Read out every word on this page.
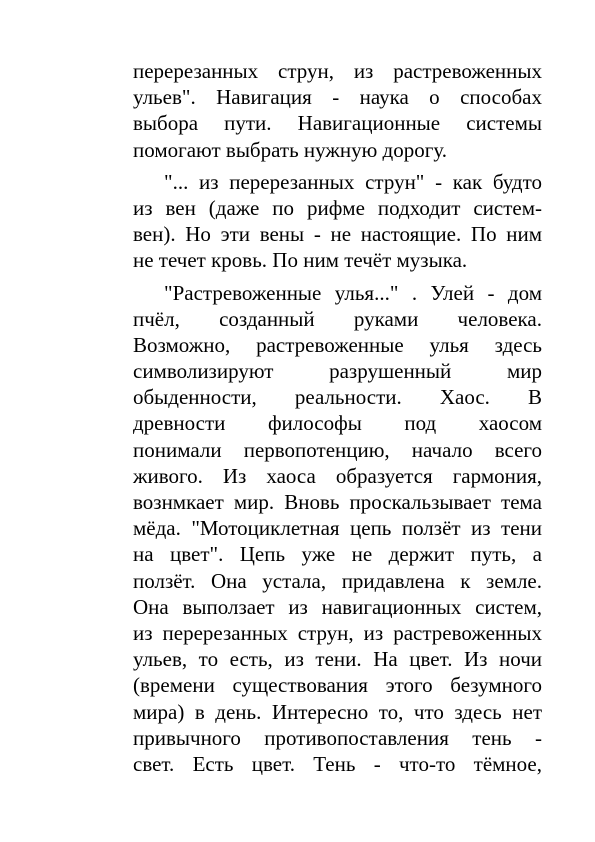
перерезанных струн, из растревоженных
ульев". Навигация - наука о способах
выбора пути. Навигационные системы
помогают выбрать нужную дорогу.
"... из перерезанных струн" - как будто
из вен (даже по рифме подходит систем-
вен). Но эти вены - не настоящие. По ним
не течет кровь. По ним течёт музыка.
"Растревоженные улья..." . Улей - дом
пчёл, созданный руками человека.
Возможно, растревоженные улья здесь
символизируют разрушенный мир
обыденности, реальности. Хаос. В
древности философы под хаосом
понимали первопотенцию, начало всего
живого. Из хаоса образуется гармония,
вознмкает мир. Вновь проскальзывает тема
мёда. "Мотоциклетная цепь ползёт из тени
на цвет". Цепь уже не держит путь, а
ползёт. Она устала, придавлена к земле.
Она выползает из навигационных систем,
из перерезанных струн, из растревоженных
ульев, то есть, из тени. На цвет. Из ночи
(времени существования этого безумного
мира) в день. Интересно то, что здесь нет
привычного противопоставления тень -
свет. Есть цвет. Тень - что-то тёмное,
